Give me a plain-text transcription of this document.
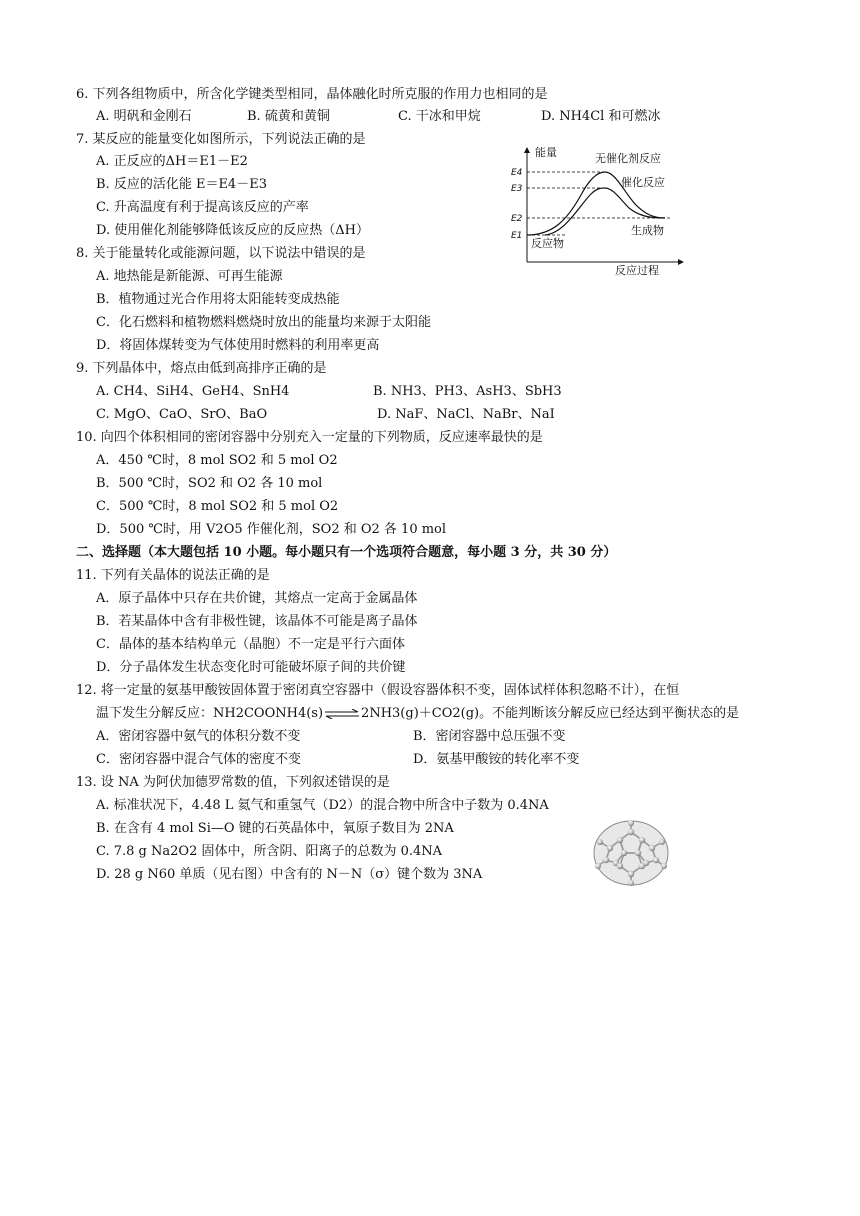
6. 下列各组物质中，所含化学键类型相同，晶体融化时所克服的作用力也相同的是
A. 明矾和金刚石	B. 硫黄和黄铜	C. 干冰和甲烷	D. NH4Cl 和可燃冰
7. 某反应的能量变化如图所示，下列说法正确的是
A. 正反应的ΔH＝E1－E2
B. 反应的活化能 E＝E4－E3
C. 升高温度有利于提高该反应的产率
D. 使用催化剂能够降低该反应的反应热（ΔH）
能量
反应过程
E4
E3
E2
E1
无催化剂反应
催化反应
反应物
生成物
8. 关于能量转化或能源问题，以下说法中错误的是
A. 地热能是新能源、可再生能源
B．植物通过光合作用将太阳能转变成热能
C．化石燃料和植物燃料燃烧时放出的能量均来源于太阳能
D．将固体煤转变为气体使用时燃料的利用率更高
9. 下列晶体中，熔点由低到高排序正确的是
A. CH4、SiH4、GeH4、SnH4	B. NH3、PH3、AsH3、SbH3
C. MgO、CaO、SrO、BaO	D. NaF、NaCl、NaBr、NaI
10. 向四个体积相同的密闭容器中分别充入一定量的下列物质，反应速率最快的是
A．450 ℃时，8 mol SO2 和 5 mol O2
B．500 ℃时，SO2 和 O2 各 10 mol
C．500 ℃时，8 mol SO2 和 5 mol O2
D．500 ℃时，用 V2O5 作催化剂，SO2 和 O2 各 10 mol
二、选择题（本大题包括 10 小题。每小题只有一个选项符合题意，每小题 3 分，共 30 分）
11. 下列有关晶体的说法正确的是
A．原子晶体中只存在共价键，其熔点一定高于金属晶体
B．若某晶体中含有非极性键，该晶体不可能是离子晶体
C．晶体的基本结构单元（晶胞）不一定是平行六面体
D．分子晶体发生状态变化时可能破坏原子间的共价键
12. 将一定量的氨基甲酸铵固体置于密闭真空容器中（假设容器体积不变，固体试样体积忽略不计），在恒
温下发生分解反应：NH2COONH4(s)⇌2NH3(g)＋CO2(g)。不能判断该分解反应已经达到平衡状态的是
A．密闭容器中氨气的体积分数不变	B．密闭容器中总压强不变
C．密闭容器中混合气体的密度不变	D．氨基甲酸铵的转化率不变
13. 设 NA 为阿伏加德罗常数的值，下列叙述错误的是
A. 标准状况下，4.48 L 氦气和重氢气（D2）的混合物中所含中子数为 0.4NA
B. 在含有 4 mol Si—O 键的石英晶体中，氧原子数目为 2NA
C. 7.8 g Na2O2 固体中，所含阴、阳离子的总数为 0.4NA
D. 28 g N60 单质（见右图）中含有的 N－N（σ）键个数为 3NA
